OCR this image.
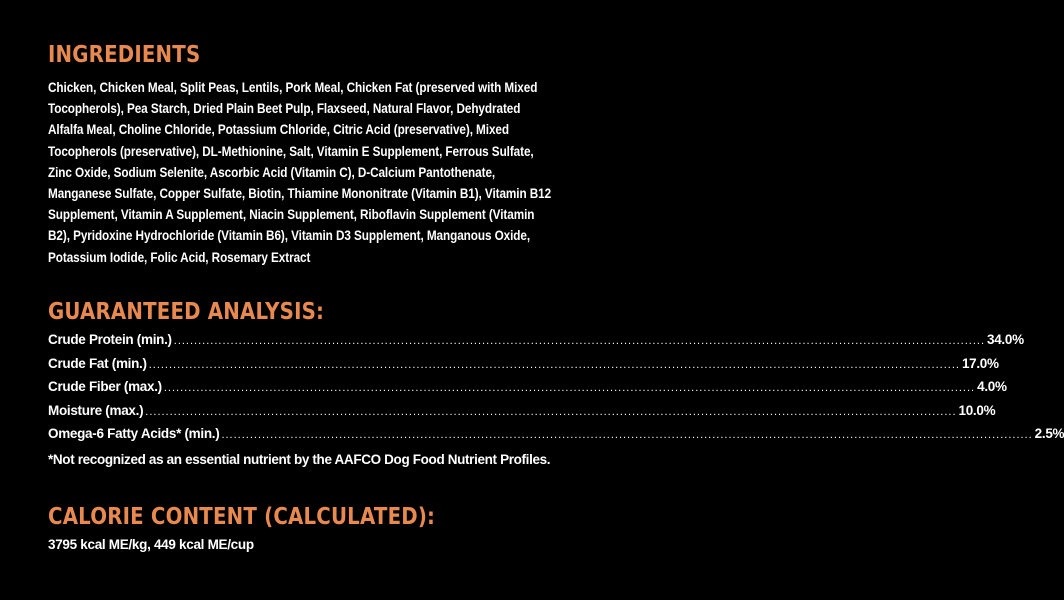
INGREDIENTS

Chicken, Chicken Meal, Split Peas, Lentils, Pork Meal, Chicken Fat (preserved with Mixed Tocopherols), Pea Starch, Dried Plain Beet Pulp, Flaxseed, Natural Flavor, Dehydrated Alfalfa Meal, Choline Chloride, Potassium Chloride, Citric Acid (preservative), Mixed Tocopherols (preservative), DL-Methionine, Salt, Vitamin E Supplement, Ferrous Sulfate, Zinc Oxide, Sodium Selenite, Ascorbic Acid (Vitamin C), D-Calcium Pantothenate, Manganese Sulfate, Copper Sulfate, Biotin, Thiamine Mononitrate (Vitamin B1), Vitamin B12 Supplement, Vitamin A Supplement, Niacin Supplement, Riboflavin Supplement (Vitamin B2), Pyridoxine Hydrochloride (Vitamin B6), Vitamin D3 Supplement, Manganous Oxide, Potassium Iodide, Folic Acid, Rosemary Extract

GUARANTEED ANALYSIS:
Crude Protein (min.) ........................................................................................................................................................................................................ 34.0%
Crude Fat (min.) ........................................................................................................................................................................................................ 17.0%
Crude Fiber (max.) ........................................................................................................................................................................................................ 4.0%
Moisture (max.) ........................................................................................................................................................................................................ 10.0%
Omega-6 Fatty Acids* (min.) ........................................................................................................................................................................................................ 2.5%
*Not recognized as an essential nutrient by the AAFCO Dog Food Nutrient Profiles.
CALORIE CONTENT (CALCULATED):
3795 kcal ME/kg, 449 kcal ME/cup
